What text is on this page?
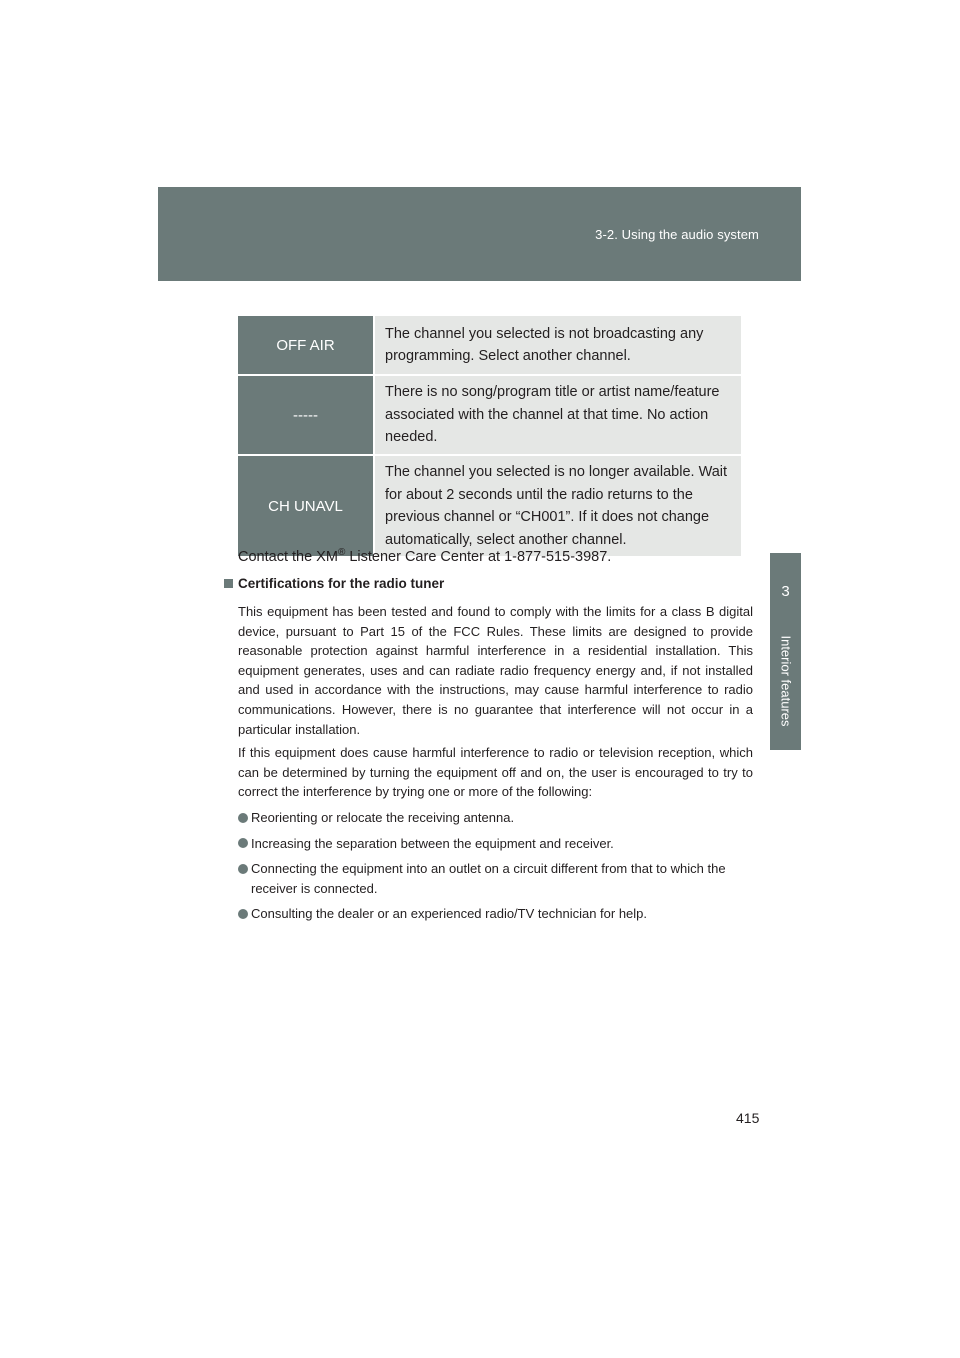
3-2. Using the audio system
3
Interior features
OFF AIR	The channel you selected is not broadcasting any programming. Select another channel.
-----	There is no song/program title or artist name/feature associated with the channel at that time. No action needed.
CH UNAVL	The channel you selected is no longer available. Wait for about 2 seconds until the radio returns to the previous channel or “CH001”. If it does not change automatically, select another channel.
Contact the XM® Listener Care Center at 1-877-515-3987.
Certifications for the radio tuner
This equipment has been tested and found to comply with the limits for a class B digital device, pursuant to Part 15 of the FCC Rules. These limits are designed to provide reasonable protection against harmful interference in a residential installation. This equipment generates, uses and can radiate radio frequency energy and, if not installed and used in accordance with the instructions, may cause harmful interference to radio communications. However, there is no guarantee that interference will not occur in a particular installation.
If this equipment does cause harmful interference to radio or television reception, which can be determined by turning the equipment off and on, the user is encouraged to try to correct the interference by trying one or more of the following:
Reorienting or relocate the receiving antenna.
Increasing the separation between the equipment and receiver.
Connecting the equipment into an outlet on a circuit different from that to which the receiver is connected.
Consulting the dealer or an experienced radio/TV technician for help.
415
